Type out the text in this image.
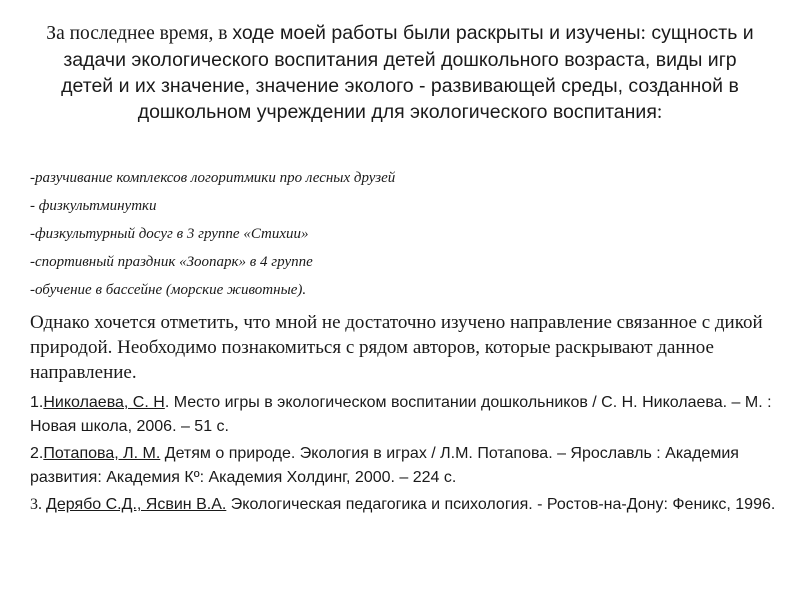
За последнее время, в ходе моей работы были раскрыты и изучены: сущность и задачи экологического воспитания детей дошкольного возраста, виды игр детей и их значение, значение эколого - развивающей среды, созданной в дошкольном учреждении для экологического воспитания:

-разучивание комплексов логоритмики про лесных друзей
- физкультминутки
-физкультурный досуг в 3 группе «Стихии»
-спортивный праздник «Зоопарк» в 4 группе
-обучение в бассейне (морские животные).

Однако хочется отметить, что мной не достаточно изучено направление связанное с дикой природой. Необходимо познакомиться с рядом авторов, которые раскрывают данное направление.

1.Николаева, С. Н. Место игры в экологическом воспитании дошкольников / С. Н. Николаева. – М. : Новая школа, 2006. – 51 с.
2.Потапова, Л. М. Детям о природе. Экология в играх / Л.М. Потапова. – Ярославль : Академия развития: Академия Кº: Академия Холдинг, 2000. – 224 с.
3. Дерябо С.Д., Ясвин В.А. Экологическая педагогика и психология. - Ростов-на-Дону: Феникс, 1996.
